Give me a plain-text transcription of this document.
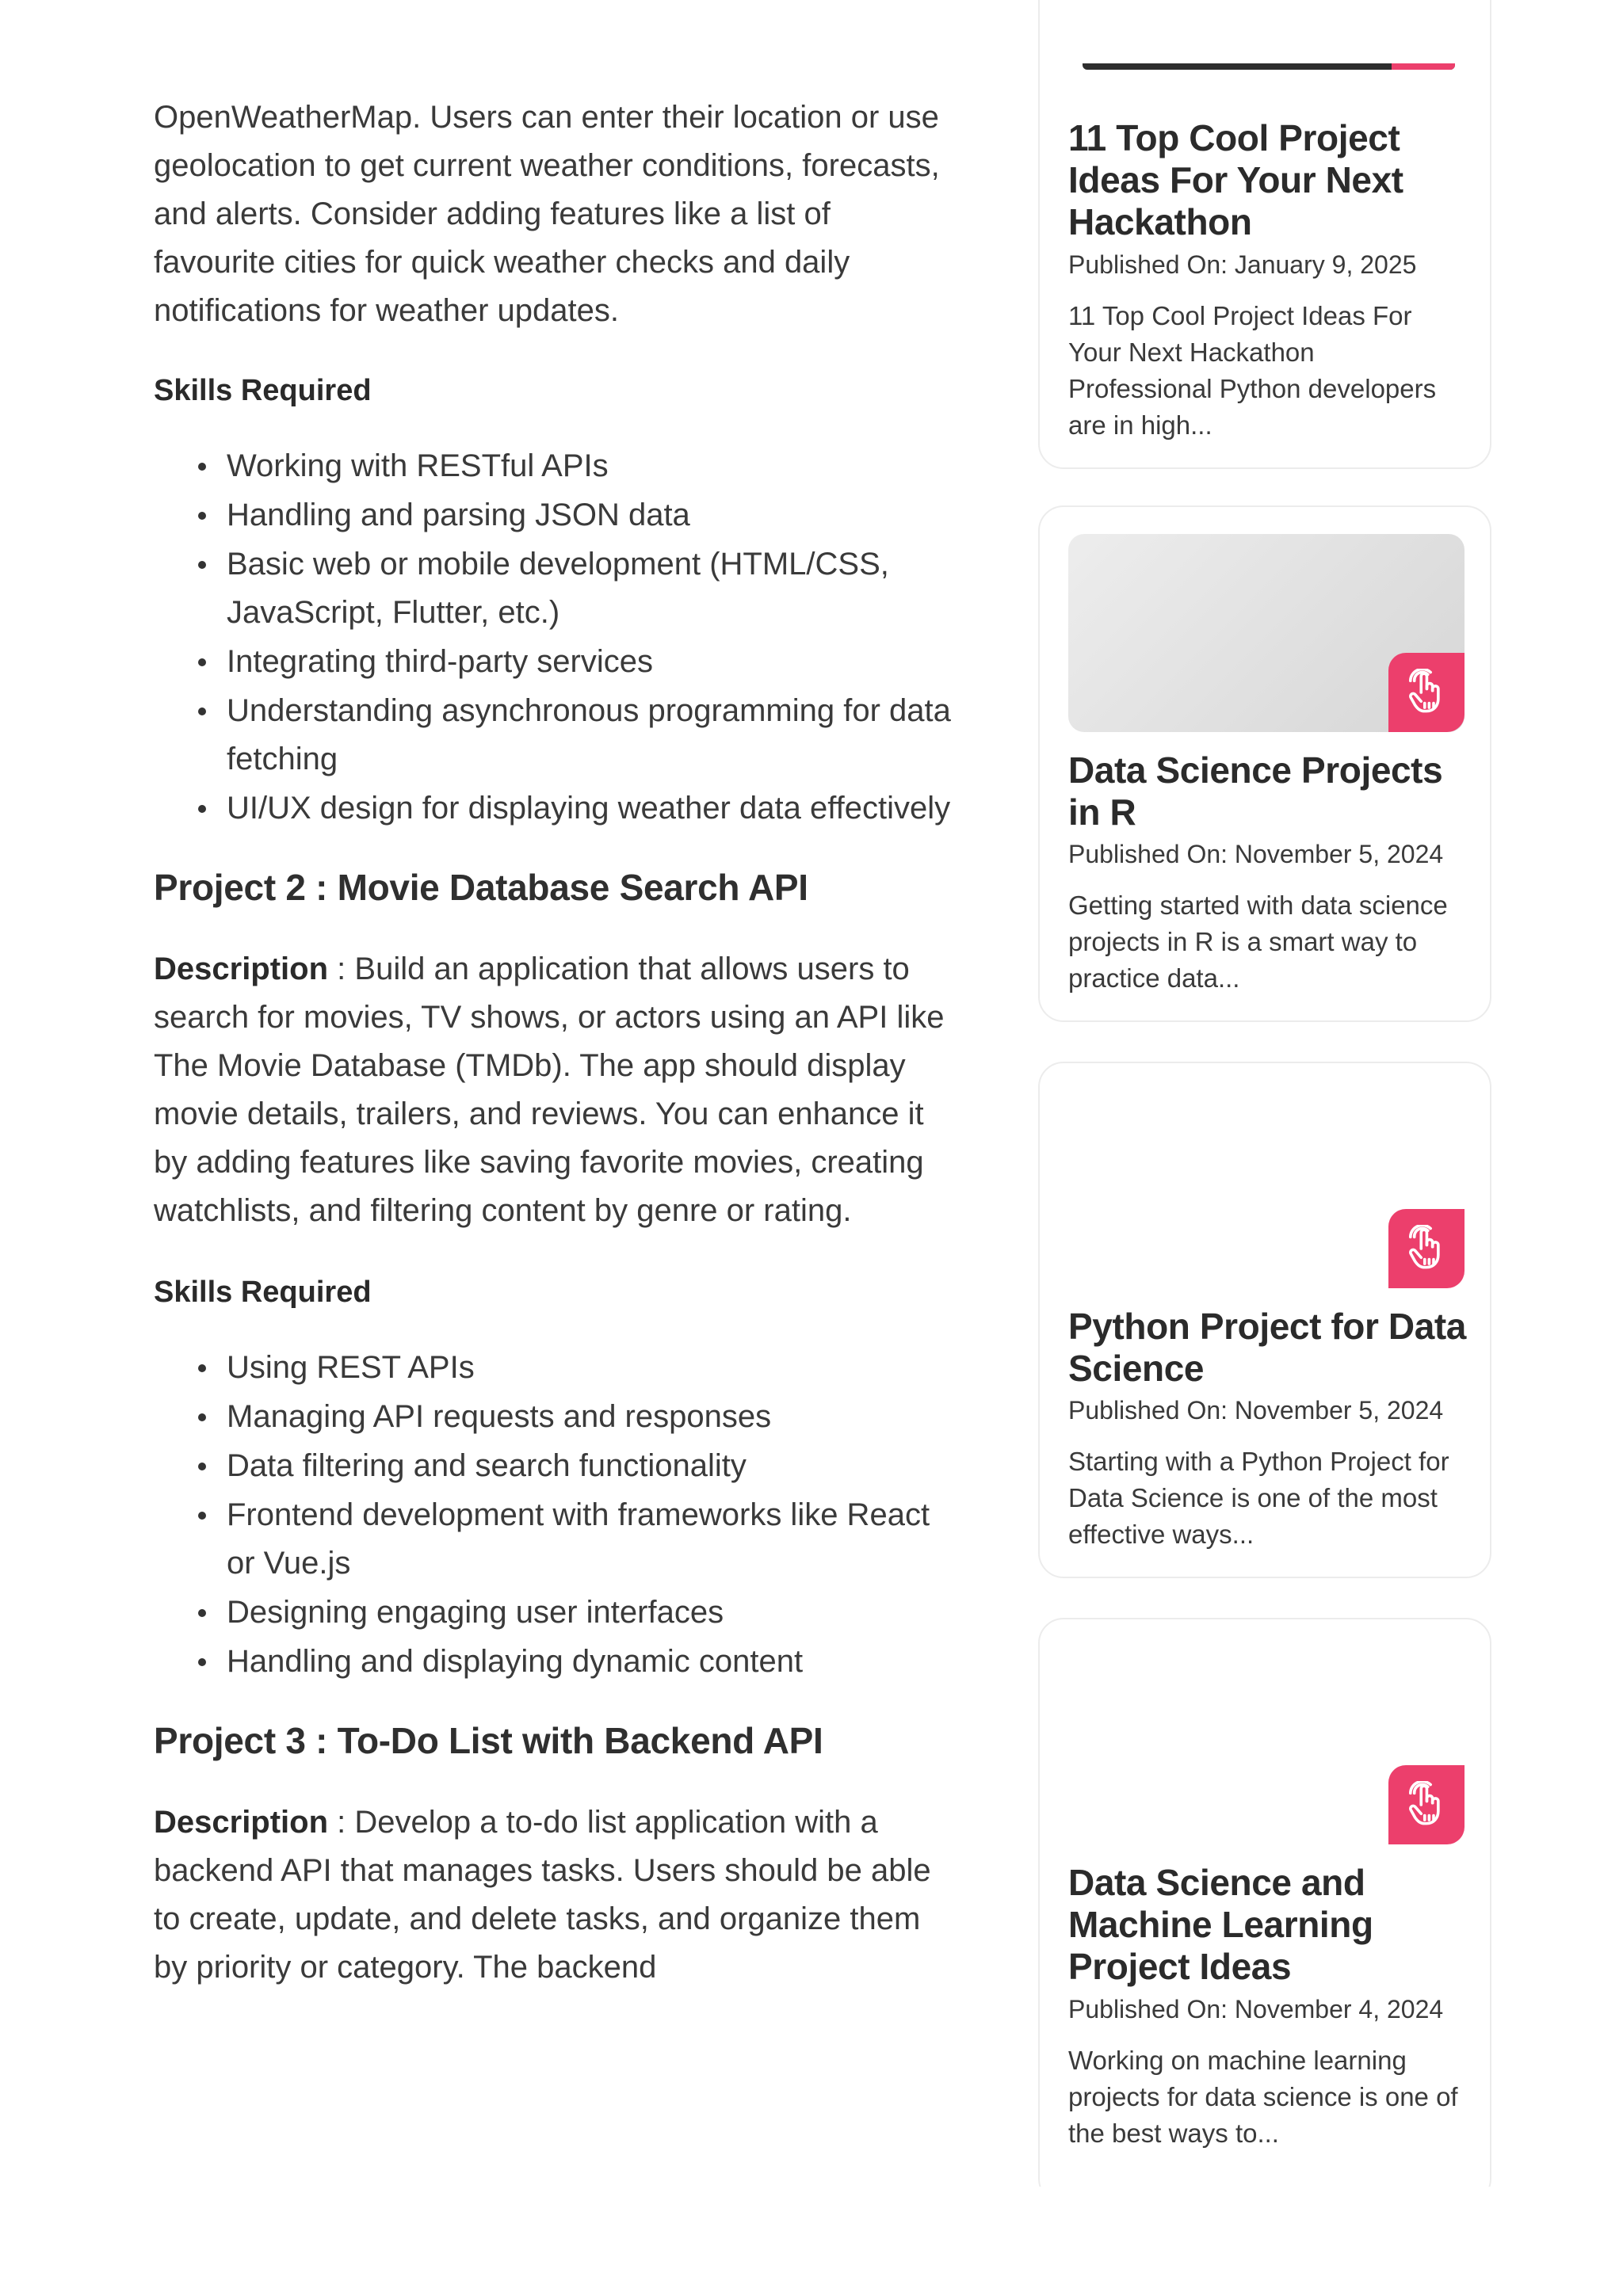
OpenWeatherMap. Users can enter their location or use geolocation to get current weather conditions, forecasts, and alerts. Consider adding features like a list of favourite cities for quick weather checks and daily notifications for weather updates.

Skills Required
Working with RESTful APIs
Handling and parsing JSON data
Basic web or mobile development (HTML/CSS, JavaScript, Flutter, etc.)
Integrating third-party services
Understanding asynchronous programming for data fetching
UI/UX design for displaying weather data effectively
Project 2 : Movie Database Search API

Description : Build an application that allows users to search for movies, TV shows, or actors using an API like The Movie Database (TMDb). The app should display movie details, trailers, and reviews. You can enhance it by adding features like saving favorite movies, creating watchlists, and filtering content by genre or rating.

Skills Required
Using REST APIs
Managing API requests and responses
Data filtering and search functionality
Frontend development with frameworks like React or Vue.js
Designing engaging user interfaces
Handling and displaying dynamic content
Project 3 : To-Do List with Backend API

Description : Develop a to-do list application with a backend API that manages tasks. Users should be able to create, update, and delete tasks, and organize them by priority or category. The backend

11 Top Cool Project Ideas For Your Next Hackathon
Published On: January 9, 2025
11 Top Cool Project Ideas For Your Next Hackathon Professional Python developers are in high...
Data Science Projects in R
Published On: November 5, 2024
Getting started with data science projects in R is a smart way to practice data...
Python Project for Data Science
Published On: November 5, 2024
Starting with a Python Project for Data Science is one of the most effective ways...
Data Science and Machine Learning Project Ideas
Published On: November 4, 2024
Working on machine learning projects for data science is one of the best ways to...
